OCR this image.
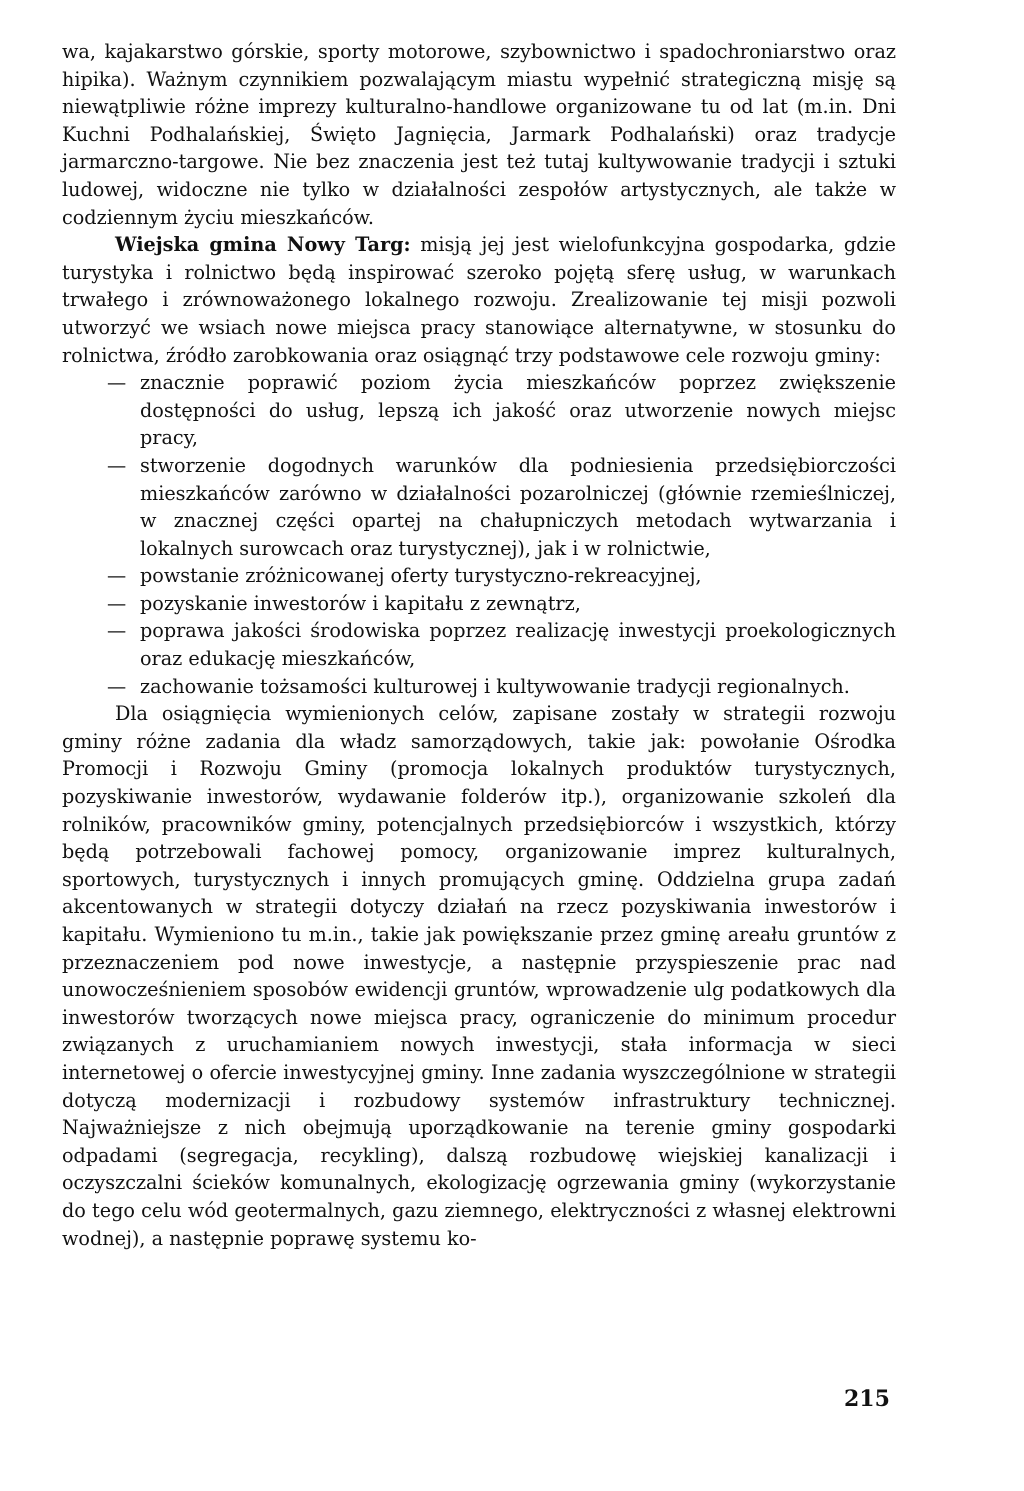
wa, kajakarstwo górskie, sporty motorowe, szybownictwo i spadochroniarstwo oraz hipika). Ważnym czynnikiem pozwalającym miastu wypełnić strategiczną misję są niewątpliwie różne imprezy kulturalno-handlowe organizowane tu od lat (m.in. Dni Kuchni Podhalańskiej, Święto Jagnięcia, Jarmark Podhalański) oraz tradycje jarmarczno-targowe. Nie bez znaczenia jest też tutaj kultywowanie tradycji i sztuki ludowej, widoczne nie tylko w działalności zespołów artystycznych, ale także w codziennym życiu mieszkańców.

Wiejska gmina Nowy Targ: misją jej jest wielofunkcyjna gospodarka, gdzie turystyka i rolnictwo będą inspirować szeroko pojętą sferę usług, w warunkach trwałego i zrównoważonego lokalnego rozwoju. Zrealizowanie tej misji pozwoli utworzyć we wsiach nowe miejsca pracy stanowiące alternatywne, w stosunku do rolnictwa, źródło zarobkowania oraz osiągnąć trzy podstawowe cele rozwoju gminy:

— znacznie poprawić poziom życia mieszkańców poprzez zwiększenie dostępności do usług, lepszą ich jakość oraz utworzenie nowych miejsc pracy,
— stworzenie dogodnych warunków dla podniesienia przedsiębiorczości mieszkańców zarówno w działalności pozarolniczej (głównie rzemieślniczej, w znacznej części opartej na chałupniczych metodach wytwarzania i lokalnych surowcach oraz turystycznej), jak i w rolnictwie,
— powstanie zróżnicowanej oferty turystyczno-rekreacyjnej,
— pozyskanie inwestorów i kapitału z zewnątrz,
— poprawa jakości środowiska poprzez realizację inwestycji proekologicznych oraz edukację mieszkańców,
— zachowanie tożsamości kulturowej i kultywowanie tradycji regionalnych.

Dla osiągnięcia wymienionych celów, zapisane zostały w strategii rozwoju gminy różne zadania dla władz samorządowych, takie jak: powołanie Ośrodka Promocji i Rozwoju Gminy (promocja lokalnych produktów turystycznych, pozyskiwanie inwestorów, wydawanie folderów itp.), organizowanie szkoleń dla rolników, pracowników gminy, potencjalnych przedsiębiorców i wszystkich, którzy będą potrzebowali fachowej pomocy, organizowanie imprez kulturalnych, sportowych, turystycznych i innych promujących gminę. Oddzielna grupa zadań akcentowanych w strategii dotyczy działań na rzecz pozyskiwania inwestorów i kapitału. Wymieniono tu m.in., takie jak powiększanie przez gminę areału gruntów z przeznaczeniem pod nowe inwestycje, a następnie przyspieszenie prac nad unowocześnieniem sposobów ewidencji gruntów, wprowadzenie ulg podatkowych dla inwestorów tworzących nowe miejsca pracy, ograniczenie do minimum procedur związanych z uruchamianiem nowych inwestycji, stała informacja w sieci internetowej o ofercie inwestycyjnej gminy. Inne zadania wyszczególnione w strategii dotyczą modernizacji i rozbudowy systemów infrastruktury technicznej. Najważniejsze z nich obejmują uporządkowanie na terenie gminy gospodarki odpadami (segregacja, recykling), dalszą rozbudowę wiejskiej kanalizacji i oczyszczalni ścieków komunalnych, ekologizację ogrzewania gminy (wykorzystanie do tego celu wód geotermalnych, gazu ziemnego, elektryczności z własnej elektrowni wodnej), a następnie poprawę systemu ko-

215
